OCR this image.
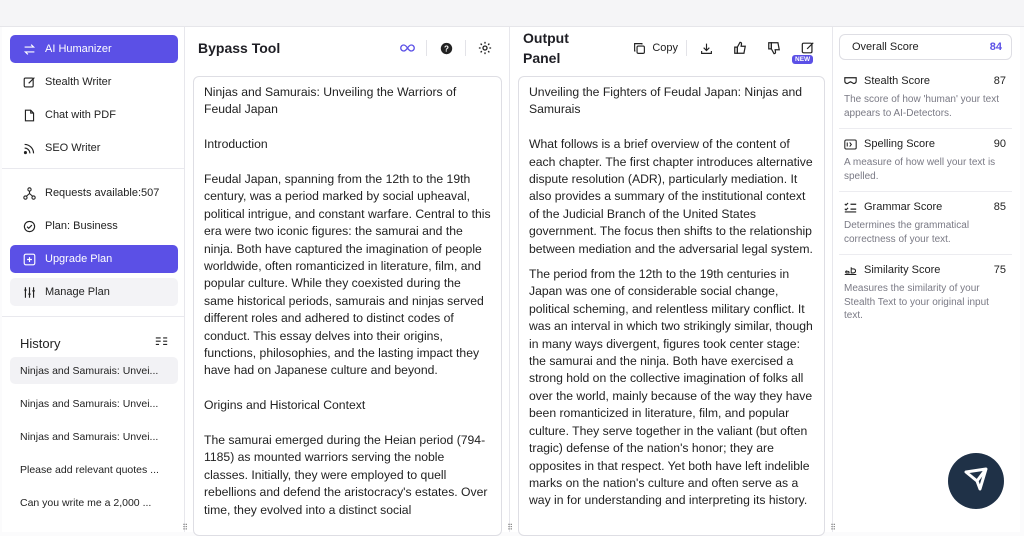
AI Humanizer
Stealth Writer
Chat with PDF
SEO Writer
Requests available:507
Plan: Business
Upgrade Plan
Manage Plan
History
Ninjas and Samurais: Unvei...
Ninjas and Samurais: Unvei...
Ninjas and Samurais: Unvei...
Please add relevant quotes ...
Can you write me a 2,000 ...
⠿
Bypass Tool	?

Ninjas and Samurais: Unveiling the Warriors of Feudal Japan

Introduction

Feudal Japan, spanning from the 12th to the 19th century, was a period marked by social upheaval, political intrigue, and constant warfare. Central to this era were two iconic figures: the samurai and the ninja. Both have captured the imagination of people worldwide, often romanticized in literature, film, and popular culture. While they coexisted during the same historical periods, samurais and ninjas served different roles and adhered to distinct codes of conduct. This essay delves into their origins, functions, philosophies, and the lasting impact they have had on Japanese culture and beyond.

Origins and Historical Context

The samurai emerged during the Heian period (794-1185) as mounted warriors serving the noble classes. Initially, they were employed to quell rebellions and defend the aristocracy's estates. Over time, they evolved into a distinct social

⠿
Output Panel
Copy

Unveiling the Fighters of Feudal Japan: Ninjas and Samurais

What follows is a brief overview of the content of each chapter. The first chapter introduces alternative dispute resolution (ADR), particularly mediation. It also provides a summary of the institutional context of the Judicial Branch of the United States government. The focus then shifts to the relationship between mediation and the adversarial legal system.

The period from the 12th to the 19th centuries in Japan was one of considerable social change, political scheming, and relentless military conflict. It was an interval in which two strikingly similar, though in many ways divergent, figures took center stage: the samurai and the ninja. Both have exercised a strong hold on the collective imagination of folks all over the world, mainly because of the way they have been romanticized in literature, film, and popular culture. They serve together in the valiant (but often tragic) defense of the nation's honor; they are opposites in that respect. Yet both have left indelible marks on the nation's culture and often serve as a way in for understanding and interpreting its history.

⠿
Overall Score	84
Stealth Score	87
The score of how 'human' your text appears to AI-Detectors.
Spelling Score	90
A measure of how well your text is spelled.
Grammar Score	85
Determines the grammatical correctness of your text.
Similarity Score	75
Measures the similarity of your Stealth Text to your original input text.
NEW
